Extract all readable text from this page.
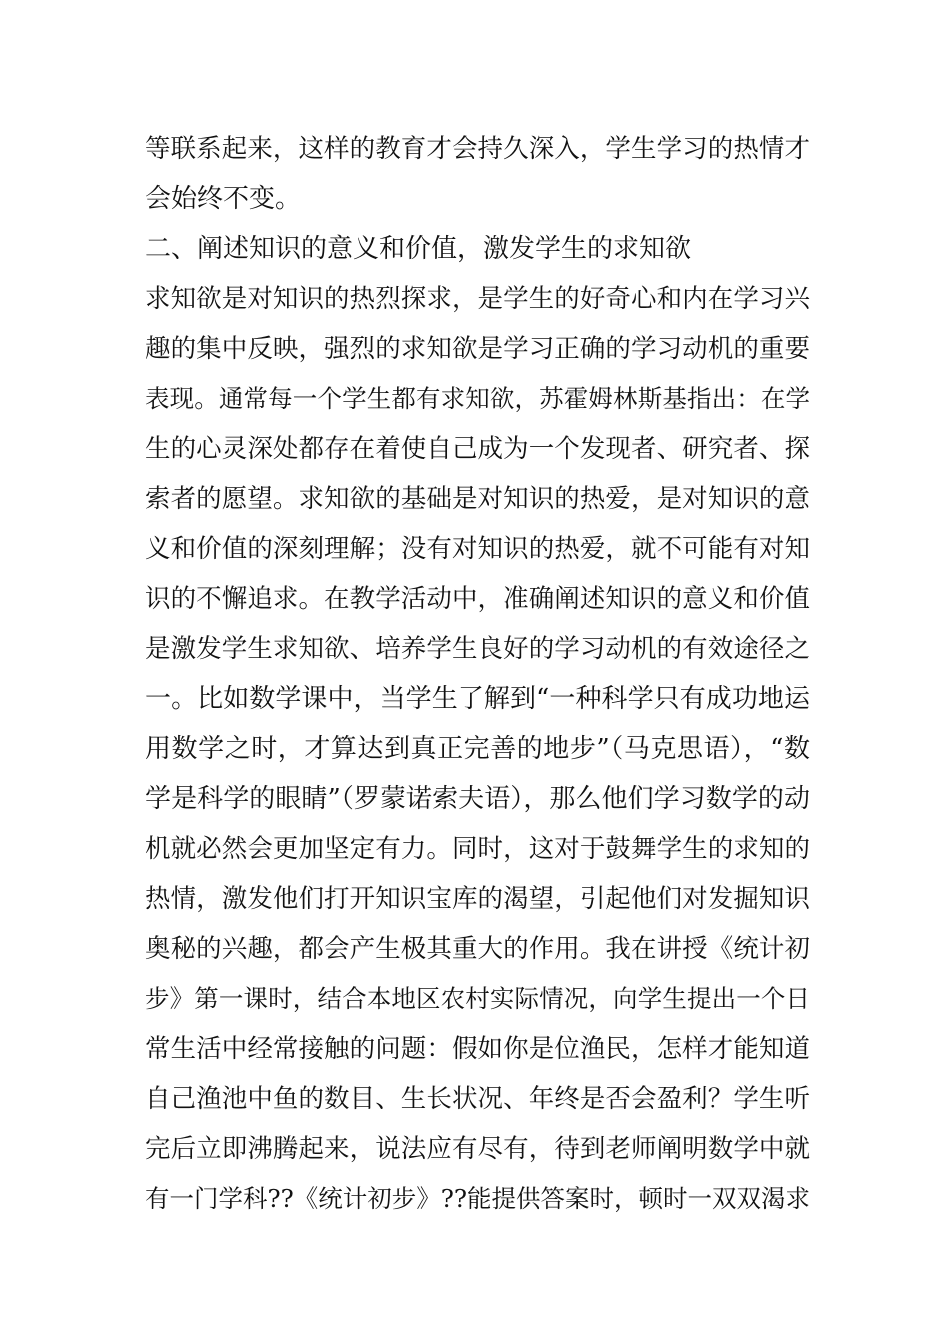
等联系起来，这样的教育才会持久深入，学生学习的热情才
会始终不变。
二、阐述知识的意义和价值，激发学生的求知欲
求知欲是对知识的热烈探求，是学生的好奇心和内在学习兴
趣的集中反映，强烈的求知欲是学习正确的学习动机的重要
表现。通常每一个学生都有求知欲，苏霍姆林斯基指出：在学
生的心灵深处都存在着使自己成为一个发现者、研究者、探
索者的愿望。求知欲的基础是对知识的热爱，是对知识的意
义和价值的深刻理解；没有对知识的热爱，就不可能有对知
识的不懈追求。在教学活动中，准确阐述知识的意义和价值
是激发学生求知欲、培养学生良好的学习动机的有效途径之
一。比如数学课中，当学生了解到“一种科学只有成功地运
用数学之时，才算达到真正完善的地步”（马克思语），“数
学是科学的眼睛”（罗蒙诺索夫语），那么他们学习数学的动
机就必然会更加坚定有力。同时，这对于鼓舞学生的求知的
热情，激发他们打开知识宝库的渴望，引起他们对发掘知识
奥秘的兴趣，都会产生极其重大的作用。我在讲授《统计初
步》第一课时，结合本地区农村实际情况，向学生提出一个日
常生活中经常接触的问题：假如你是位渔民，怎样才能知道
自己渔池中鱼的数目、生长状况、年终是否会盈利？学生听
完后立即沸腾起来，说法应有尽有，待到老师阐明数学中就
有一门学科??《统计初步》??能提供答案时，顿时一双双渴求
